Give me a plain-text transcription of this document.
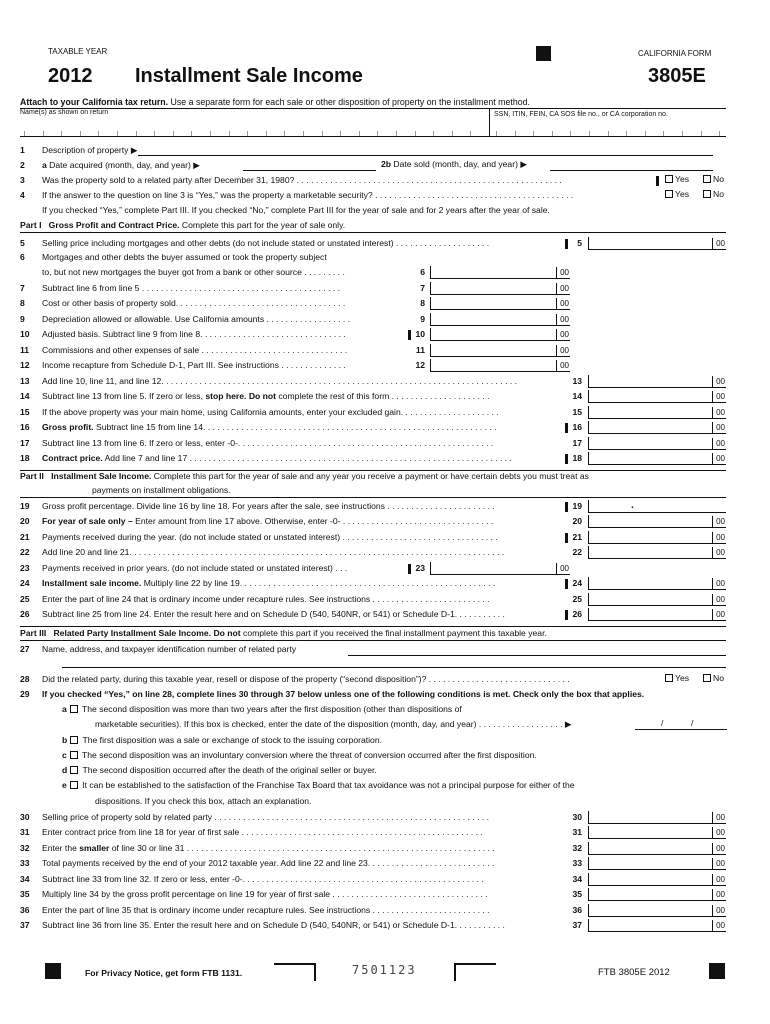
TAXABLE YEAR	CALIFORNIA FORM
2012 Installment Sale Income	3805E
Attach to your California tax return. Use a separate form for each sale or other disposition of property on the installment method.
Name(s) as shown on return	SSN, ITIN, FEIN, CA SOS file no., or CA corporation no.
1 Description of property ▶
2 a Date acquired (month, day, and year) ▶	2b Date sold (month, day, and year) ▶
3 Was the property sold to a related party after December 31, 1980? . . . . . . . . . . . . . . . . . . . . . . . . . . . . . . . . . . . . . . . . . . . . . . . . . . . . . . . .	Yes	No
4 If the answer to the question on line 3 is “Yes,” was the property a marketable security? . . . . . . . . . . . . . . . . . . . . . . . . . . . . . . . . . . . . . . . . . .	Yes	No
If you checked “Yes,” complete Part III. If you checked “No,” complete Part III for the year of sale and for 2 years after the year of sale.
Part I Gross Profit and Contract Price. Complete this part for the year of sale only.
5 Selling price including mortgages and other debts (do not include stated or unstated interest) . . . . . . . . . . . . . . . . . . . .	5	00
6 Mortgages and other debts the buyer assumed or took the property subject
to, but not new mortgages the buyer got from a bank or other source . . . . . . . . .	6	00
7 Subtract line 6 from line 5 . . . . . . . . . . . . . . . . . . . . . . . . . . . . . . . . . . . . . . . . . .	7	00
8 Cost or other basis of property sold. . . . . . . . . . . . . . . . . . . . . . . . . . . . . . . . . . . .	8	00
9 Depreciation allowed or allowable. Use California amounts . . . . . . . . . . . . . . . . . .	9	00
10 Adjusted basis. Subtract line 9 from line 8. . . . . . . . . . . . . . . . . . . . . . . . . . . . . . .	10	00
11 Commissions and other expenses of sale . . . . . . . . . . . . . . . . . . . . . . . . . . . . . . .	11	00
12 Income recapture from Schedule D-1, Part III. See instructions . . . . . . . . . . . . . .	12	00
13 Add line 10, line 11, and line 12. . . . . . . . . . . . . . . . . . . . . . . . . . . . . . . . . . . . . . . . . . . . . . . . . . . . . . . . . . . . . . . . . . . . . . . . . . .	13	00
14 Subtract line 13 from line 5. If zero or less, stop here. Do not complete the rest of this form . . . . . . . . . . . . . . . . . . . . .	14	00
15 If the above property was your main home, using California amounts, enter your excluded gain. . . . . . . . . . . . . . . . . . . . .	15	00
16 Gross profit. Subtract line 15 from line 14. . . . . . . . . . . . . . . . . . . . . . . . . . . . . . . . . . . . . . . . . . . . . . . . . . . . . . . . . . . . . .	16	00
17 Subtract line 13 from line 6. If zero or less, enter -0-. . . . . . . . . . . . . . . . . . . . . . . . . . . . . . . . . . . . . . . . . . . . . . . . . . . . . .	17	00
18 Contract price. Add line 7 and line 17 . . . . . . . . . . . . . . . . . . . . . . . . . . . . . . . . . . . . . . . . . . . . . . . . . . . . . . . . . . . . . . . . . . . .	18	00
19 Gross profit percentage. Divide line 16 by line 18. For years after the sale, see instructions . . . . . . . . . . . . . . . . . . . . . . .	19	.
20 For year of sale only – Enter amount from line 17 above. Otherwise, enter -0- . . . . . . . . . . . . . . . . . . . . . . . . . . . . . . . .	20	00
21 Payments received during the year. (do not include stated or unstated interest) . . . . . . . . . . . . . . . . . . . . . . . . . . . . . . . . .	21	00
22 Add line 20 and line 21. . . . . . . . . . . . . . . . . . . . . . . . . . . . . . . . . . . . . . . . . . . . . . . . . . . . . . . . . . . . . . . . . . . . . . . . . . . . . . .	22	00
23 Payments received in prior years. (do not include stated or unstated interest) . . .	23	00
24 Installment sale income. Multiply line 22 by line 19. . . . . . . . . . . . . . . . . . . . . . . . . . . . . . . . . . . . . . . . . . . . . . . . . . . . . .	24	00
25 Enter the part of line 24 that is ordinary income under recapture rules. See instructions . . . . . . . . . . . . . . . . . . . . . . . . .	25	00
26 Subtract line 25 from line 24. Enter the result here and on Schedule D (540, 540NR, or 541) or Schedule D-1. . . . . . . . . . .	26	00
30 Selling price of property sold by related party . . . . . . . . . . . . . . . . . . . . . . . . . . . . . . . . . . . . . . . . . . . . . . . . . . . . . . . . . .	30	00
31 Enter contract price from line 18 for year of first sale . . . . . . . . . . . . . . . . . . . . . . . . . . . . . . . . . . . . . . . . . . . . . . . . . . .	31	00
32 Enter the smaller of line 30 or line 31 . . . . . . . . . . . . . . . . . . . . . . . . . . . . . . . . . . . . . . . . . . . . . . . . . . . . . . . . . . . . . . . . .	32	00
33 Total payments received by the end of your 2012 taxable year. Add line 22 and line 23. . . . . . . . . . . . . . . . . . . . . . . . . . .	33	00
34 Subtract line 33 from line 32. If zero or less, enter -0-. . . . . . . . . . . . . . . . . . . . . . . . . . . . . . . . . . . . . . . . . . . . . . . . . . .	34	00
35 Multiply line 34 by the gross profit percentage on line 19 for year of first sale . . . . . . . . . . . . . . . . . . . . . . . . . . . . . . . . .	35	00
36 Enter the part of line 35 that is ordinary income under recapture rules. See instructions . . . . . . . . . . . . . . . . . . . . . . . . .	36	00
37 Subtract line 36 from line 35. Enter the result here and on Schedule D (540, 540NR, or 541) or Schedule D-1. . . . . . . . . . .	37	00
Part II Installment Sale Income. Complete this part for the year of sale and any year you receive a payment or have certain debts you must treat as
payments on installment obligations.
Part III Related Party Installment Sale Income. Do not complete this part if you received the final installment payment this taxable year.
27 Name, address, and taxpayer identification number of related party
28 Did the related party, during this taxable year, resell or dispose of the property (“second disposition”)? . . . . . . . . . . . . . . . . . . . . . . . . . . . . . .	Yes	No
29 If you checked “Yes,” on line 28, complete lines 30 through 37 below unless one of the following conditions is met. Check only the box that applies.
a The second disposition was more than two years after the first disposition (other than dispositions of
marketable securities). If this box is checked, enter the date of the disposition (month, day, and year) . . . . . . . . . . . . . . . . . . ▶	/	/
b The first disposition was a sale or exchange of stock to the issuing corporation.
c The second disposition was an involuntary conversion where the threat of conversion occurred after the first disposition.
d The second disposition occurred after the death of the original seller or buyer.
e It can be established to the satisfaction of the Franchise Tax Board that tax avoidance was not a principal purpose for either of the
dispositions. If you check this box, attach an explanation.
For Privacy Notice, get form FTB 1131.	7501123	FTB 3805E 2012
